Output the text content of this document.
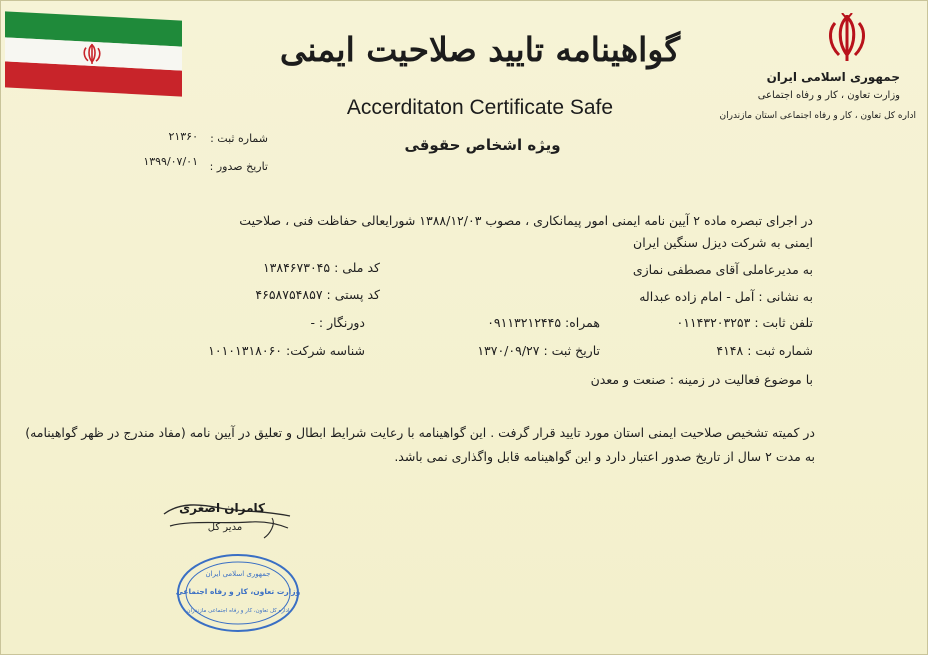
جمهوری اسلامی ایران
وزارت تعاون ، کار و رفاه اجتماعی
اداره کل تعاون ، کار و رفاه اجتماعی استان مازندران
گواهینامه تایید صلاحیت ایمنی
Accerditaton Certificate Safe
ویژه اشخاص حقوقی
شماره ثبت :
۲۱۳۶۰
تاریخ صدور :
۱۳۹۹/۰۷/۰۱
در اجرای تبصره ماده ۲ آیین نامه ایمنی امور پیمانکاری ، مصوب ۱۳۸۸/۱۲/۰۳ شورایعالی حفاظت فنی ، صلاحیت
ایمنی به شرکت دیزل سنگین ایران
به مدیرعاملی آقای مصطفی نمازی
کد ملی : ۱۳۸۴۶۷۳۰۴۵
به نشانی : آمل - امام زاده عبداله
کد پستی : ۴۶۵۸۷۵۴۸۵۷
تلفن ثابت : ۰۱۱۴۳۲۰۳۲۵۳
همراه: ۰۹۱۱۳۲۱۲۴۴۵
دورنگار : -
شماره ثبت : ۴۱۴۸
تاریخ ثبت : ۱۳۷۰/۰۹/۲۷
شناسه شرکت: ۱۰۱۰۱۳۱۸۰۶۰
با موضوع فعالیت در زمینه : صنعت و معدن
در کمیته تشخیص صلاحیت ایمنی استان مورد تایید قرار گرفت . این گواهینامه با رعایت شرایط ابطال و تعلیق در آیین نامه (مفاد مندرج در ظهر گواهینامه)
به مدت ۲ سال از تاریخ صدور اعتبار دارد و این گواهینامه قابل واگذاری نمی باشد.
کامران اصغری
مدیر کل
جمهوری اسلامی ایران
وزارت تعاون، کار و رفاه اجتماعی
اداره کل تعاون، کار و رفاه اجتماعی مازندران
